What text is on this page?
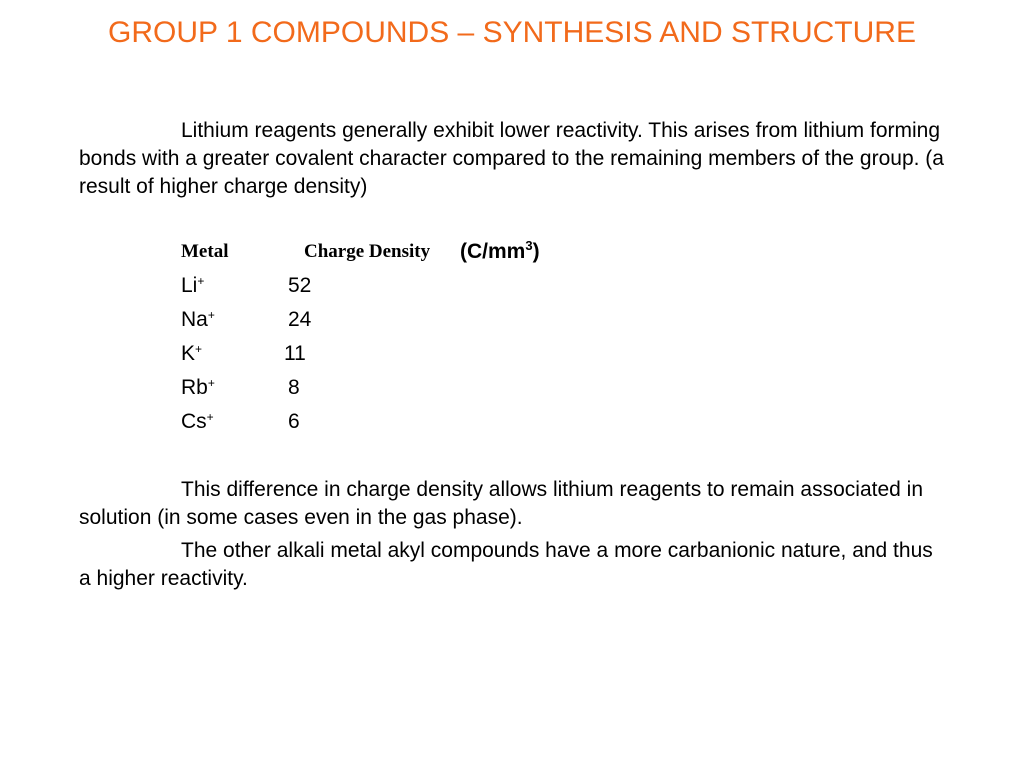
GROUP 1 COMPOUNDS – SYNTHESIS AND STRUCTURE

Lithium reagents generally exhibit lower reactivity. This arises from lithium forming bonds with a greater covalent character compared to the remaining members of the group. (a result of higher charge density)

Metal	Charge Density $(C/mm^3)$
Li+	52
Na+	24
K+	11
Rb+	8
Cs+	6

This difference in charge density allows lithium reagents to remain associated in solution (in some cases even in the gas phase).

The other alkali metal akyl compounds have a more carbanionic nature, and thus a higher reactivity.
